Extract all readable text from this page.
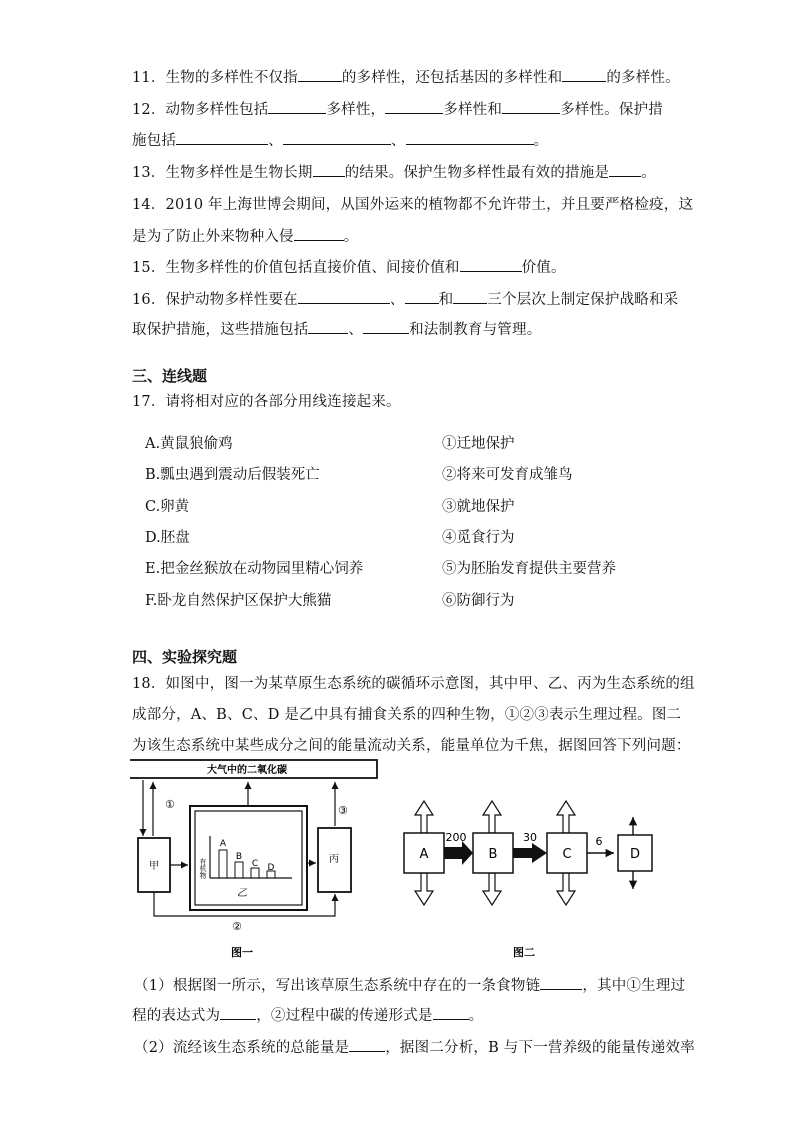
11．生物的多样性不仅指	的多样性，还包括基因的多样性和	的多样性。
12．动物多样性包括	多样性，	多样性和	多样性。保护措
施包括	、	、	。
13．生物多样性是生物长期 的结果。保护生物多样性最有效的措施是 。
14．2010 年上海世博会期间，从国外运来的植物都不允许带土，并且要严格检疫，这
是为了防止外来物种入侵	。
15．生物多样性的价值包括直接价值、间接价值和	价值。
16．保护动物多样性要在	、 和 三个层次上制定保护战略和采
取保护措施，这些措施包括	、	和法制教育与管理。
三、连线题
17．请将相对应的各部分用线连接起来。
A.黄鼠狼偷鸡
B.瓢虫遇到震动后假装死亡
C.卵黄
D.胚盘
E.把金丝猴放在动物园里精心饲养
F.卧龙自然保护区保护大熊猫
①迁地保护
②将来可发育成雏鸟
③就地保护
④觅食行为
⑤为胚胎发育提供主要营养
⑥防御行为
四、实验探究题
18．如图中，图一为某草原生态系统的碳循环示意图，其中甲、乙、丙为生态系统的组
成部分，A、B、C、D 是乙中具有捕食关系的四种生物，①②③表示生理过程。图二
为该生态系统中某些成分之间的能量流动关系，能量单位为千焦，据图回答下列问题：
大气中的二氧化碳
甲	有机物
A
B
C D
乙
丙
①	③
②
图一
A	B	C	D
200	30	6
图二
（1）根据图一所示，写出该草原生态系统中存在的一条食物链	，其中①生理过
程的表达式为 ，②过程中碳的传递形式是 。
（2）流经该生态系统的总能量是 ，据图二分析，B 与下一营养级的能量传递效率
